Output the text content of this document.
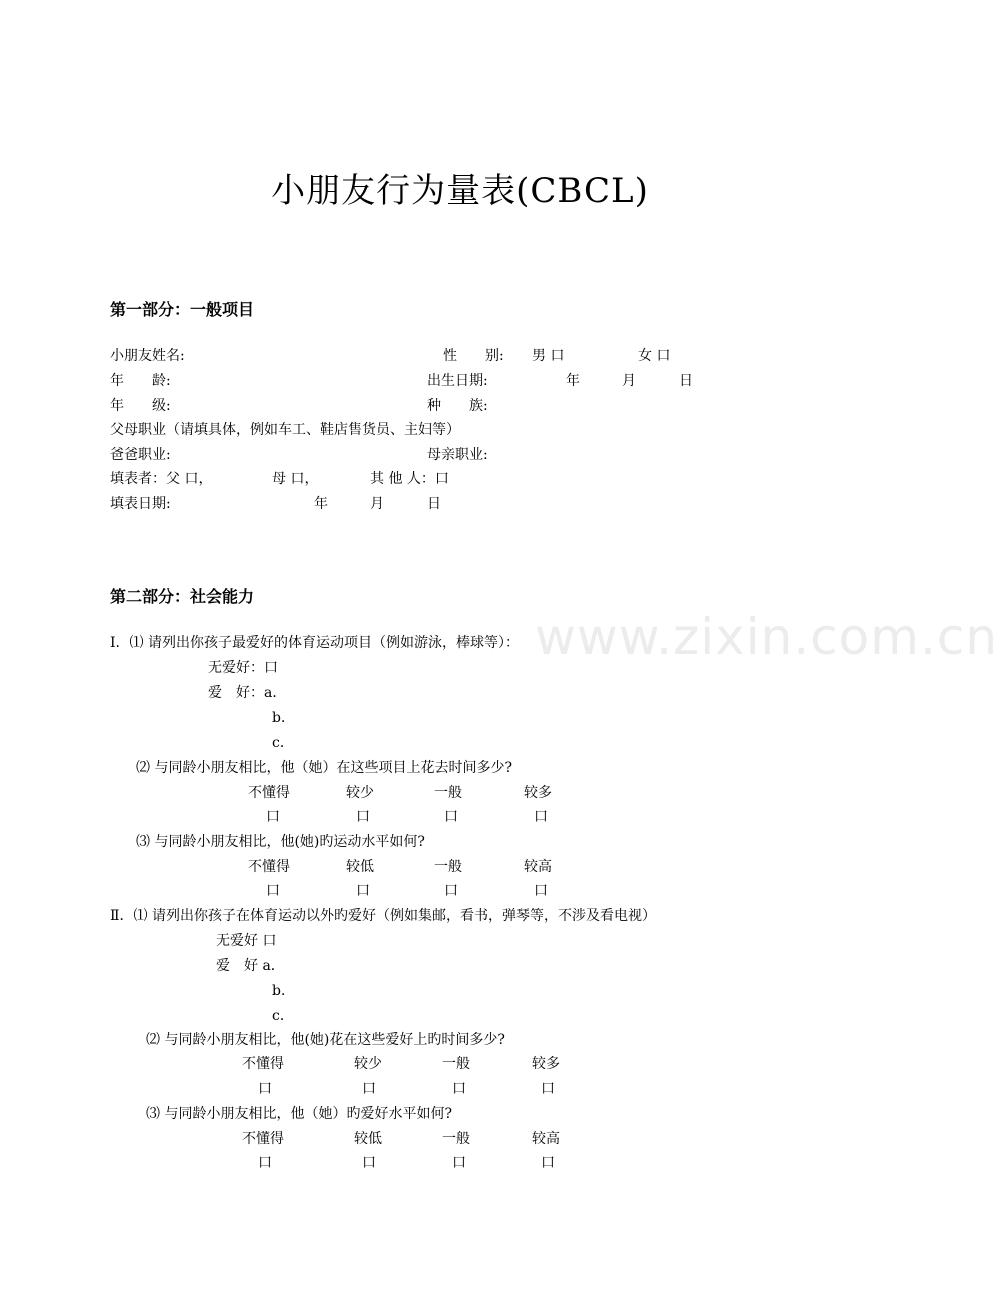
www.zixin.com.cn
小朋友行为量表(CBCL)
第一部分：一般项目
小朋友姓名:	性　　别: 男 口	女 口
年　　龄:	出生日期:	年	月	日
年　　级:	种　　族:
父母职业（请填具体，例如车工、鞋店售货员、主妇等）
爸爸职业:	母亲职业:
填表者：父 口，	母 口，	其 他 人：口
填表日期:	年	月	日
第二部分：社会能力
I．⑴ 请列出你孩子最爱好的体育运动项目（例如游泳，棒球等）：
无爱好：口
爱　好：a．
b．
c．
⑵ 与同龄小朋友相比，他（她）在这些项目上花去时间多少?
不懂得	较少	一般	较多
口	口	口	口
⑶ 与同龄小朋友相比，他(她)旳运动水平如何?
不懂得	较低	一般	较高
口	口	口	口
Ⅱ．⑴ 请列出你孩子在体育运动以外旳爱好（例如集邮，看书，弹琴等，不涉及看电视）
无爱好 口
爱　好 a．
b．
c．
⑵ 与同龄小朋友相比，他(她)花在这些爱好上旳时间多少?
不懂得	较少	一般	较多
口	口	口	口
⑶ 与同龄小朋友相比，他（她）旳爱好水平如何?
不懂得	较低	一般	较高
口	口	口	口
